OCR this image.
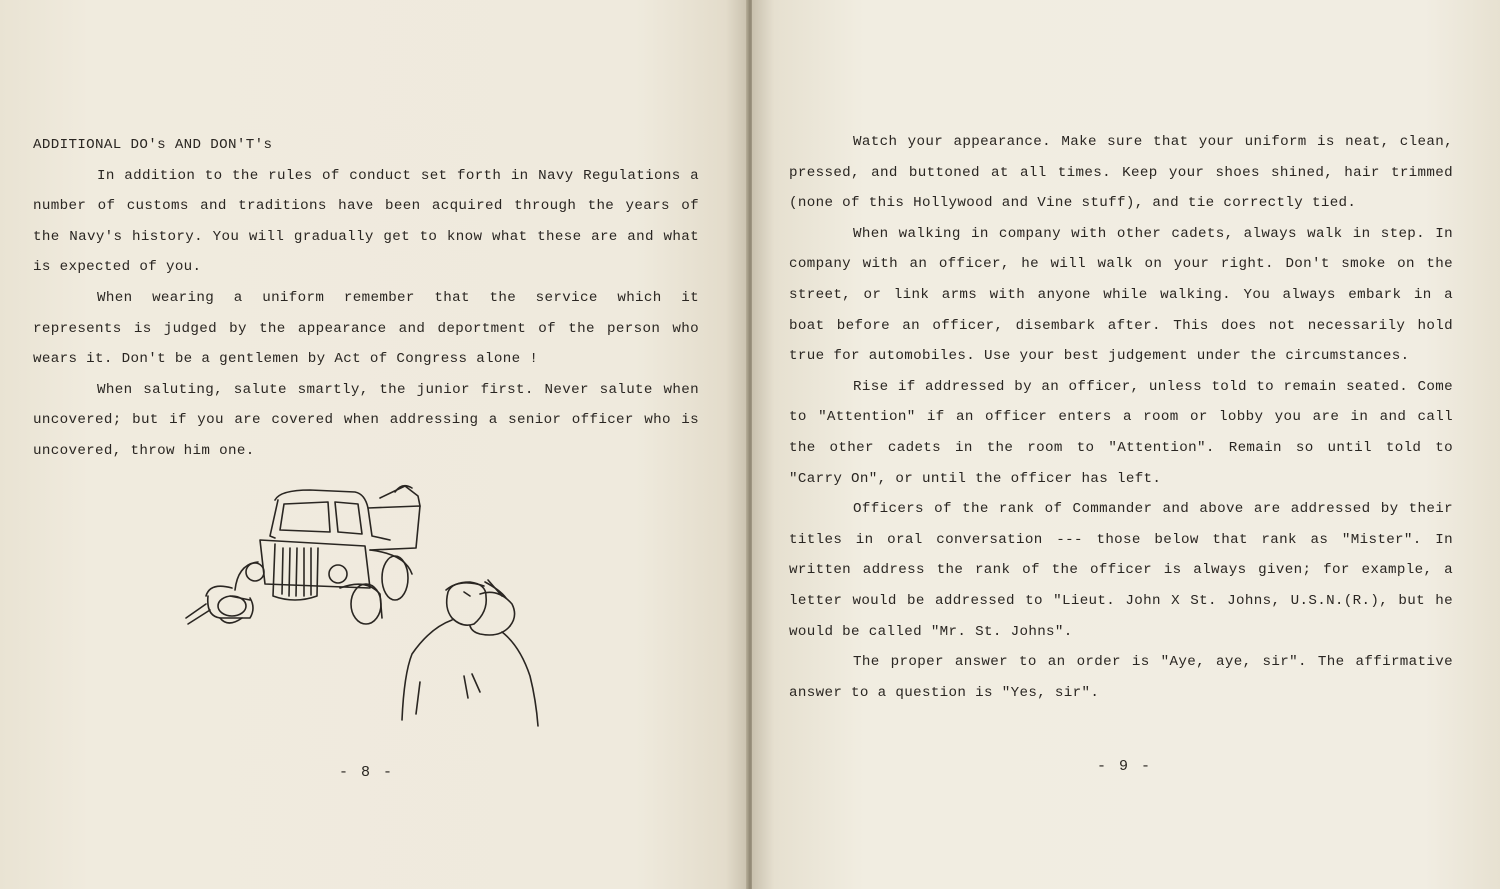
ADDITIONAL DO's AND DON'T's

In addition to the rules of conduct set forth in Navy Regulations a number of customs and traditions have been acquired through the years of the Navy's history. You will gradually get to know what these are and what is expected of you.

When wearing a uniform remember that the service which it represents is judged by the appearance and deportment of the person who wears it. Don't be a gentlemen by Act of Congress alone !

When saluting, salute smartly, the junior first. Never salute when uncovered; but if you are covered when addressing a senior officer who is uncovered, throw him one.

- 8 -

Watch your appearance. Make sure that your uniform is neat, clean, pressed, and buttoned at all times. Keep your shoes shined, hair trimmed (none of this Hollywood and Vine stuff), and tie correctly tied.

When walking in company with other cadets, always walk in step. In company with an officer, he will walk on your right. Don't smoke on the street, or link arms with anyone while walking. You always embark in a boat before an officer, disembark after. This does not necessarily hold true for automobiles. Use your best judgement under the circumstances.

Rise if addressed by an officer, unless told to remain seated. Come to "Attention" if an officer enters a room or lobby you are in and call the other cadets in the room to "Attention". Remain so until told to "Carry On", or until the officer has left.

Officers of the rank of Commander and above are addressed by their titles in oral conversation --- those below that rank as "Mister". In written address the rank of the officer is always given; for example, a letter would be addressed to "Lieut. John X St. Johns, U.S.N.(R.), but he would be called "Mr. St. Johns".

The proper answer to an order is "Aye, aye, sir". The affirmative answer to a question is "Yes, sir".

- 9 -
